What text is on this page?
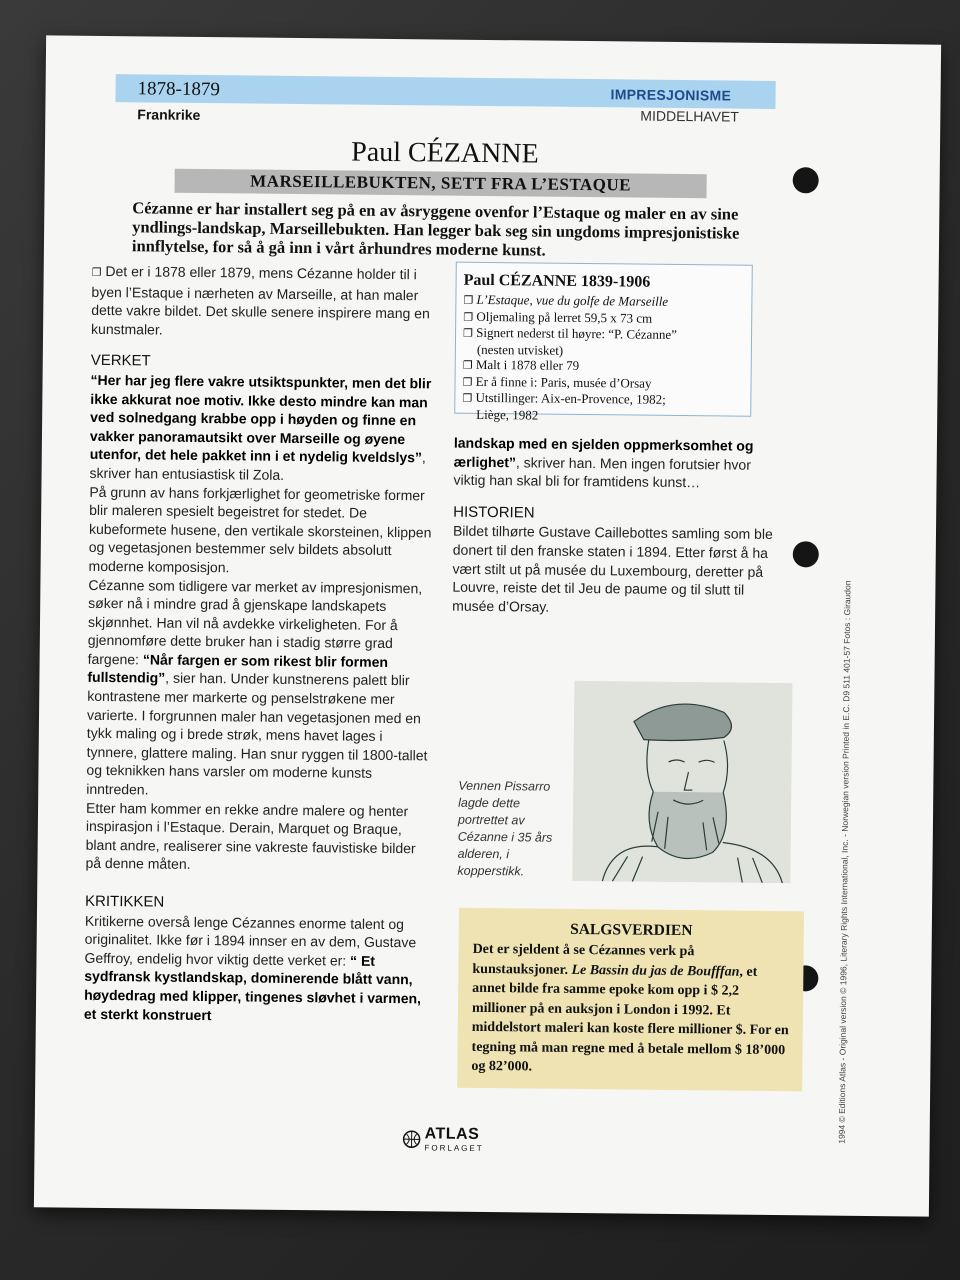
1878-1879
Frankrike
IMPRESJONISME
MIDDELHAVET
Paul CÉZANNE
MARSEILLEBUKTEN, SETT FRA L’ESTAQUE
Cézanne er har installert seg på en av åsryggene ovenfor l’Estaque og maler en av sine yndlings-landskap, Marseillebukten. Han legger bak seg sin ungdoms impresjonistiske innflytelse, for så å gå inn i vårt århundres moderne kunst.

❐ Det er i 1878 eller 1879, mens Cézanne holder til i byen l’Estaque i nærheten av Marseille, at han maler dette vakre bildet. Det skulle senere inspirere mang en kunstmaler.

VERKET

“Her har jeg flere vakre utsiktspunkter, men det blir ikke akkurat noe motiv. Ikke desto mindre kan man ved solnedgang krabbe opp i høyden og finne en vakker panoramautsikt over Marseille og øyene utenfor, det hele pakket inn i et nydelig kveldslys”, skriver han entusiastisk til Zola.

På grunn av hans forkjærlighet for geometriske former blir maleren spesielt begeistret for stedet. De kubeformete husene, den vertikale skorsteinen, klippen og vegetasjonen bestemmer selv bildets absolutt moderne komposisjon.

Cézanne som tidligere var merket av impresjonismen, søker nå i mindre grad å gjenskape landskapets skjønnhet. Han vil nå avdekke virkeligheten. For å gjennomføre dette bruker han i stadig større grad fargene: “Når fargen er som rikest blir formen fullstendig”, sier han. Under kunstnerens palett blir kontrastene mer markerte og penselstrøkene mer varierte. I forgrunnen maler han vegetasjonen med en tykk maling og i brede strøk, mens havet lages i tynnere, glattere maling. Han snur ryggen til 1800-tallet og teknikken hans varsler om moderne kunsts inntreden.

Etter ham kommer en rekke andre malere og henter inspirasjon i l’Estaque. Derain, Marquet og Braque, blant andre, realiserer sine vakreste fauvistiske bilder på denne måten.

KRITIKKEN

Kritikerne overså lenge Cézannes enorme talent og originalitet. Ikke før i 1894 innser en av dem, Gustave Geffroy, endelig hvor viktig dette verket er: “ Et sydfransk kystlandskap, dominerende blått vann, høydedrag med klipper, tingenes sløvhet i varmen, et sterkt konstruert

Paul CÉZANNE 1839-1906
❐ L’Estaque, vue du golfe de Marseille
❐ Oljemaling på lerret 59,5 x 73 cm
❐ Signert nederst til høyre: “P. Cézanne”
(nesten utvisket)
❐ Malt i 1878 eller 79
❐ Er å finne i: Paris, musée d’Orsay
❐ Utstillinger: Aix-en-Provence, 1982;
Liège, 1982

landskap med en sjelden oppmerksomhet og ærlighet”, skriver han. Men ingen forutsier hvor viktig han skal bli for framtidens kunst…

HISTORIEN

Bildet tilhørte Gustave Caillebottes samling som ble donert til den franske staten i 1894. Etter først å ha vært stilt ut på musée du Luxembourg, deretter på Louvre, reiste det til Jeu de paume og til slutt til musée d’Orsay.

Vennen Pissarro lagde dette portrettet av Cézanne i 35 års alderen, i kopperstikk.
SALGSVERDIEN
Det er sjeldent å se Cézannes verk på kunstauksjoner. Le Bassin du jas de Boufffan, et annet bilde fra samme epoke kom opp i $ 2,2 millioner på en auksjon i London i 1992. Et middelstort maleri kan koste flere millioner $. For en tegning må man regne med å betale mellom $ 18’000 og 82’000.	1994 © Editions Atlas - Original version © 1996, Literary Rights International, Inc. - Norwegian version Printed in E.C. D9 511 401-57 Fotos : Giraudon
ATLAS
FORLAGET
